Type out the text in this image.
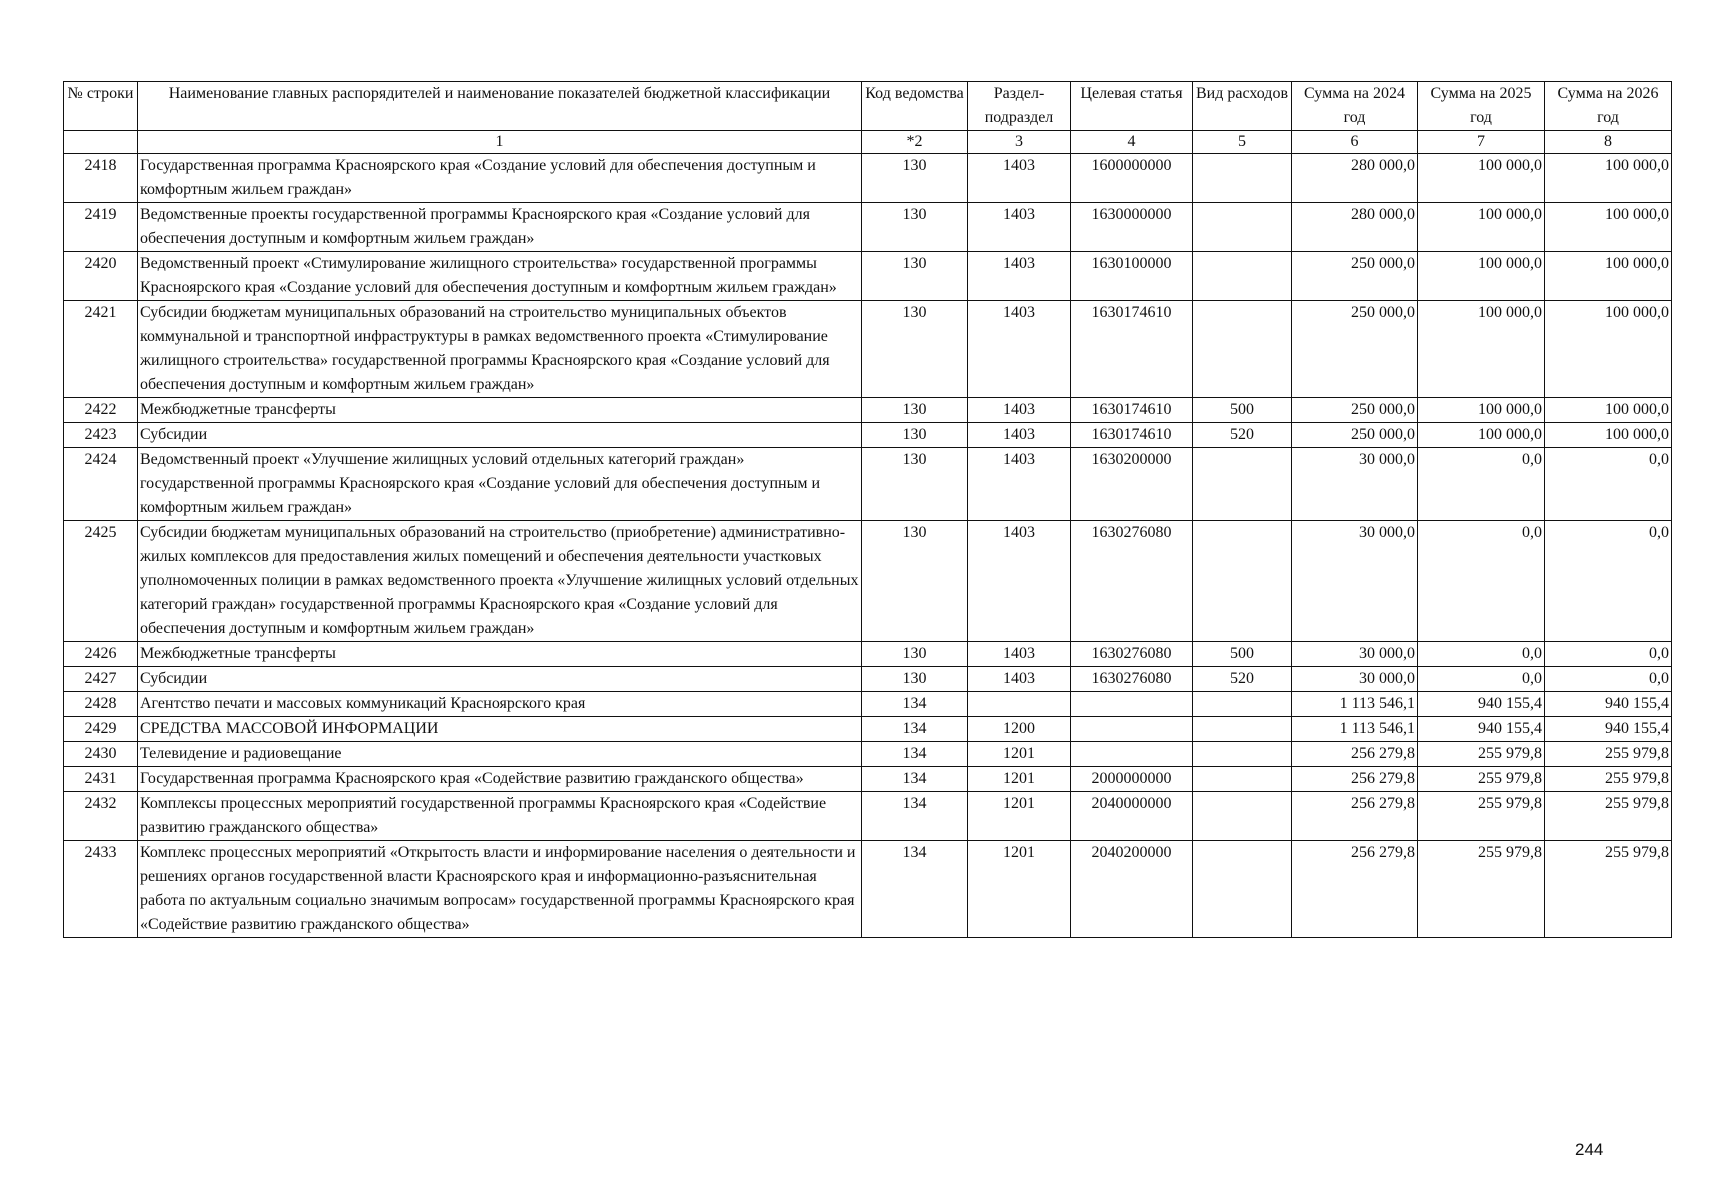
№ строки	Наименование главных распорядителей и наименование показателей бюджетной классификации	Код ведомства	Раздел-подраздел	Целевая статья	Вид расходов	Сумма на 2024 год	Сумма на 2025 год	Сумма на 2026 год
	1	*2	3	4	5	6	7	8
2418	Государственная программа Красноярского края «Создание условий для обеспечения доступным и комфортным жильем граждан»	130	1403	1600000000		280 000,0	100 000,0	100 000,0
2419	Ведомственные проекты государственной программы Красноярского края «Создание условий для обеспечения доступным и комфортным жильем граждан»	130	1403	1630000000		280 000,0	100 000,0	100 000,0
2420	Ведомственный проект «Стимулирование жилищного строительства» государственной программы Красноярского края «Создание условий для обеспечения доступным и комфортным жильем граждан»	130	1403	1630100000		250 000,0	100 000,0	100 000,0
2421	Субсидии бюджетам муниципальных образований на строительство муниципальных объектов коммунальной и транспортной инфраструктуры в рамках ведомственного проекта «Стимулирование жилищного строительства» государственной программы Красноярского края «Создание условий для обеспечения доступным и комфортным жильем граждан»	130	1403	1630174610		250 000,0	100 000,0	100 000,0
2422	Межбюджетные трансферты	130	1403	1630174610	500	250 000,0	100 000,0	100 000,0
2423	Субсидии	130	1403	1630174610	520	250 000,0	100 000,0	100 000,0
2424	Ведомственный проект «Улучшение жилищных условий отдельных категорий граждан» государственной программы Красноярского края «Создание условий для обеспечения доступным и комфортным жильем граждан»	130	1403	1630200000		30 000,0	0,0	0,0
2425	Субсидии бюджетам муниципальных образований на строительство (приобретение) административно-жилых комплексов для предоставления жилых помещений и обеспечения деятельности участковых уполномоченных полиции в рамках ведомственного проекта «Улучшение жилищных условий отдельных категорий граждан» государственной программы Красноярского края «Создание условий для обеспечения доступным и комфортным жильем граждан»	130	1403	1630276080		30 000,0	0,0	0,0
2426	Межбюджетные трансферты	130	1403	1630276080	500	30 000,0	0,0	0,0
2427	Субсидии	130	1403	1630276080	520	30 000,0	0,0	0,0
2428	Агентство печати и массовых коммуникаций Красноярского края	134				1 113 546,1	940 155,4	940 155,4
2429	СРЕДСТВА МАССОВОЙ ИНФОРМАЦИИ	134	1200			1 113 546,1	940 155,4	940 155,4
2430	Телевидение и радиовещание	134	1201			256 279,8	255 979,8	255 979,8
2431	Государственная программа Красноярского края «Содействие развитию гражданского общества»	134	1201	2000000000		256 279,8	255 979,8	255 979,8
2432	Комплексы процессных мероприятий государственной программы Красноярского края «Содействие развитию гражданского общества»	134	1201	2040000000		256 279,8	255 979,8	255 979,8
2433	Комплекс процессных мероприятий «Открытость власти и информирование населения о деятельности и решениях органов государственной власти Красноярского края и информационно-разъяснительная работа по актуальным социально значимым вопросам» государственной программы Красноярского края «Содействие развитию гражданского общества»	134	1201	2040200000		256 279,8	255 979,8	255 979,8
244
